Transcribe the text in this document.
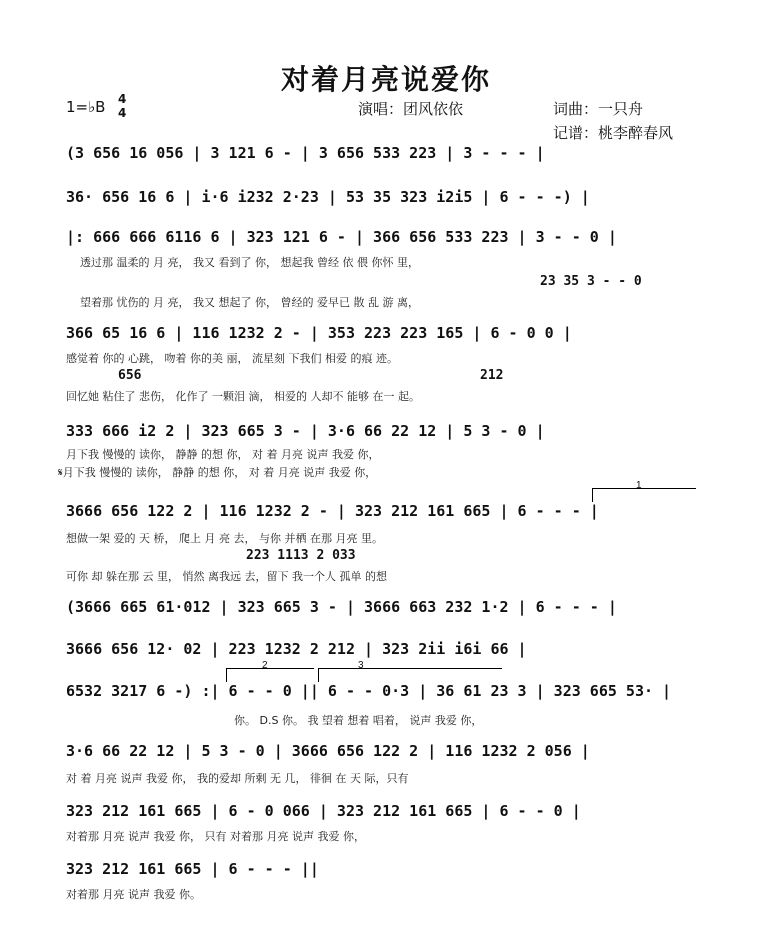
对着月亮说爱你
1=♭B 4
4	演唱：团风依依	词曲：一只舟
记谱：桃李醉春风
(3 656 16 056 | 3 121 6 - | 3 656 533 223 | 3 - - - |
36· 656 16 6 | i·6 i232 2·23 | 53 35 323 i2i5 | 6 - - -) |
|: 666 666 6116 6 | 323 121 6 - | 366 656 533 223 | 3 - - 0 |
透过那 温柔的 月 亮， 我又 看到了 你， 想起我 曾经 依 偎 你怀 里，
23 35 3 - - 0
望着那 忧伤的 月 亮， 我又 想起了 你， 曾经的 爱早已 散 乱 游 离，
366 65 16 6 | 116 1232 2 - | 353 223 223 165 | 6 - 0 0 |
感觉着 你的 心跳， 吻着 你的美 丽， 流星刻 下我们 相爱 的痕 迹。
656	212
回忆她 粘住了 悲伤， 化作了 一颗泪 滴， 相爱的 人却不 能够 在一 起。
333 666 i2 2 | 323 665 3 - | 3·6 66 22 12 | 5 3 - 0 |
月下我 慢慢的 读你， 静静 的想 你， 对 着 月亮 说声 我爱 你，
𝄋月下我 慢慢的 读你， 静静 的想 你， 对 着 月亮 说声 我爱 你，
1
3666 656 122 2 | 116 1232 2 - | 323 212 161 665 | 6 - - - |
想做一架 爱的 天 桥， 爬上 月 亮 去， 与你 并栖 在那 月亮 里。
223 1113 2 033
可你 却 躲在那 云 里， 悄然 离我远 去，留下 我一个人 孤单 的想
(3666 665 61·012 | 323 665 3 - | 3666 663 232 1·2 | 6 - - - |
3666 656 12· 02 | 223 1232 2 212 | 323 2ii i6i 66 |
2	3
6532 3217 6 -) :| 6 - - 0 || 6 - - 0·3 | 36 61 23 3 | 323 665 53· |
你。 D.S 你。 我 望着 想着 唱着， 说声 我爱 你，
3·6 66 22 12 | 5 3 - 0 | 3666 656 122 2 | 116 1232 2 056 |
对 着 月亮 说声 我爱 你， 我的爱却 所剩 无 几， 徘徊 在 天 际，只有
323 212 161 665 | 6 - 0 066 | 323 212 161 665 | 6 - - 0 |
对着那 月亮 说声 我爱 你， 只有 对着那 月亮 说声 我爱 你，
323 212 161 665 | 6 - - - ||
对着那 月亮 说声 我爱 你。
